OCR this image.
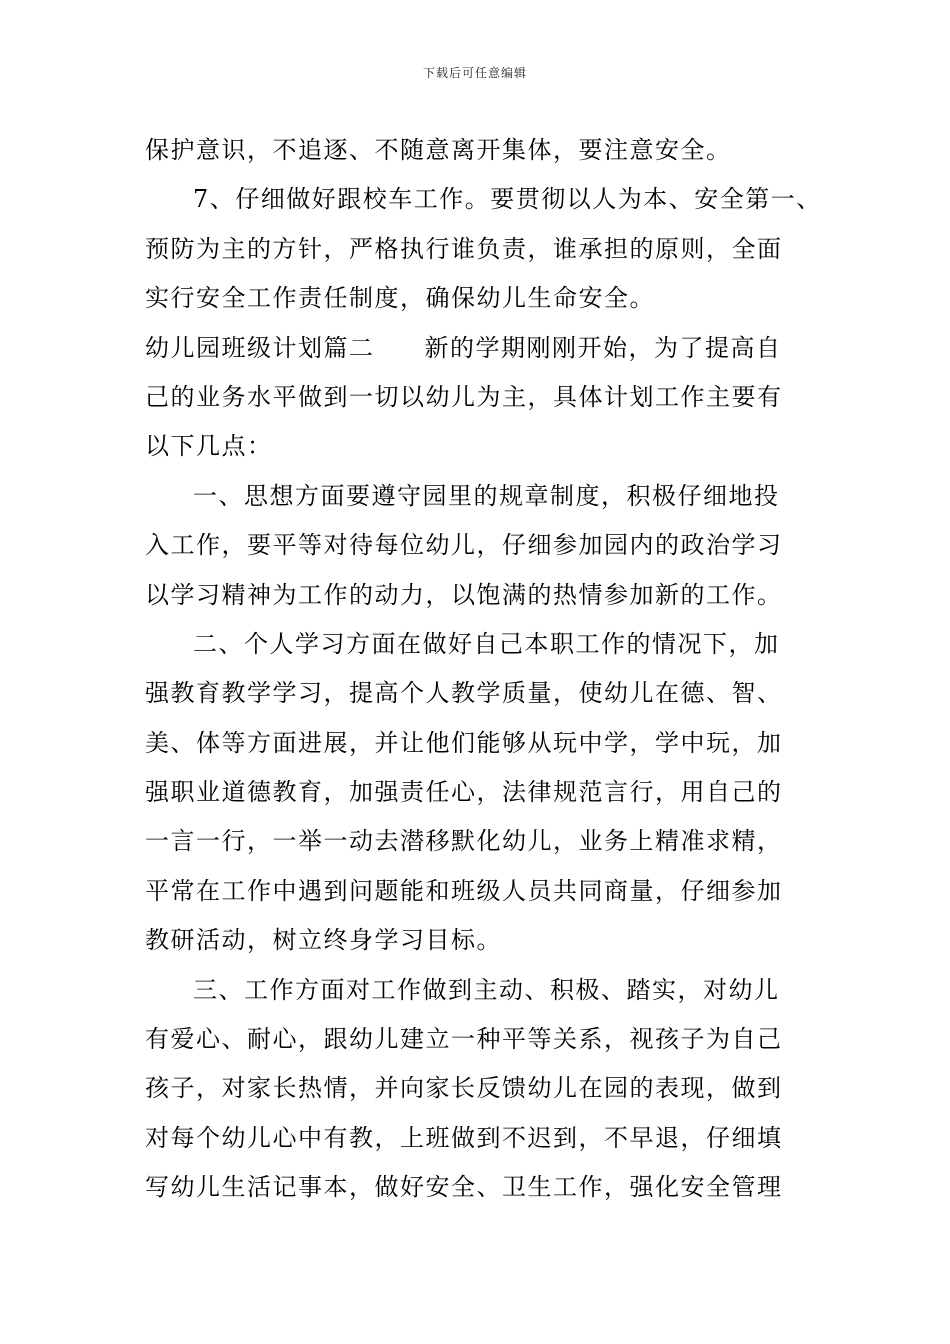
下载后可任意编辑
保护意识，不追逐、不随意离开集体，要注意安全。
7、仔细做好跟校车工作。要贯彻以人为本、安全第一、
预防为主的方针，严格执行谁负责，谁承担的原则，全面
实行安全工作责任制度，确保幼儿生命安全。
幼儿园班级计划篇二 新的学期刚刚开始，为了提高自
己的业务水平做到一切以幼儿为主，具体计划工作主要有
以下几点：
一、思想方面要遵守园里的规章制度，积极仔细地投
入工作，要平等对待每位幼儿，仔细参加园内的政治学习
以学习精神为工作的动力，以饱满的热情参加新的工作。
二、个人学习方面在做好自己本职工作的情况下，加
强教育教学学习，提高个人教学质量，使幼儿在德、智、
美、体等方面进展，并让他们能够从玩中学，学中玩，加
强职业道德教育，加强责任心，法律规范言行，用自己的
一言一行，一举一动去潜移默化幼儿，业务上精准求精，
平常在工作中遇到问题能和班级人员共同商量，仔细参加
教研活动，树立终身学习目标。
三、工作方面对工作做到主动、积极、踏实，对幼儿
有爱心、耐心，跟幼儿建立一种平等关系，视孩子为自己
孩子，对家长热情，并向家长反馈幼儿在园的表现，做到
对每个幼儿心中有教，上班做到不迟到，不早退，仔细填
写幼儿生活记事本，做好安全、卫生工作，强化安全管理
